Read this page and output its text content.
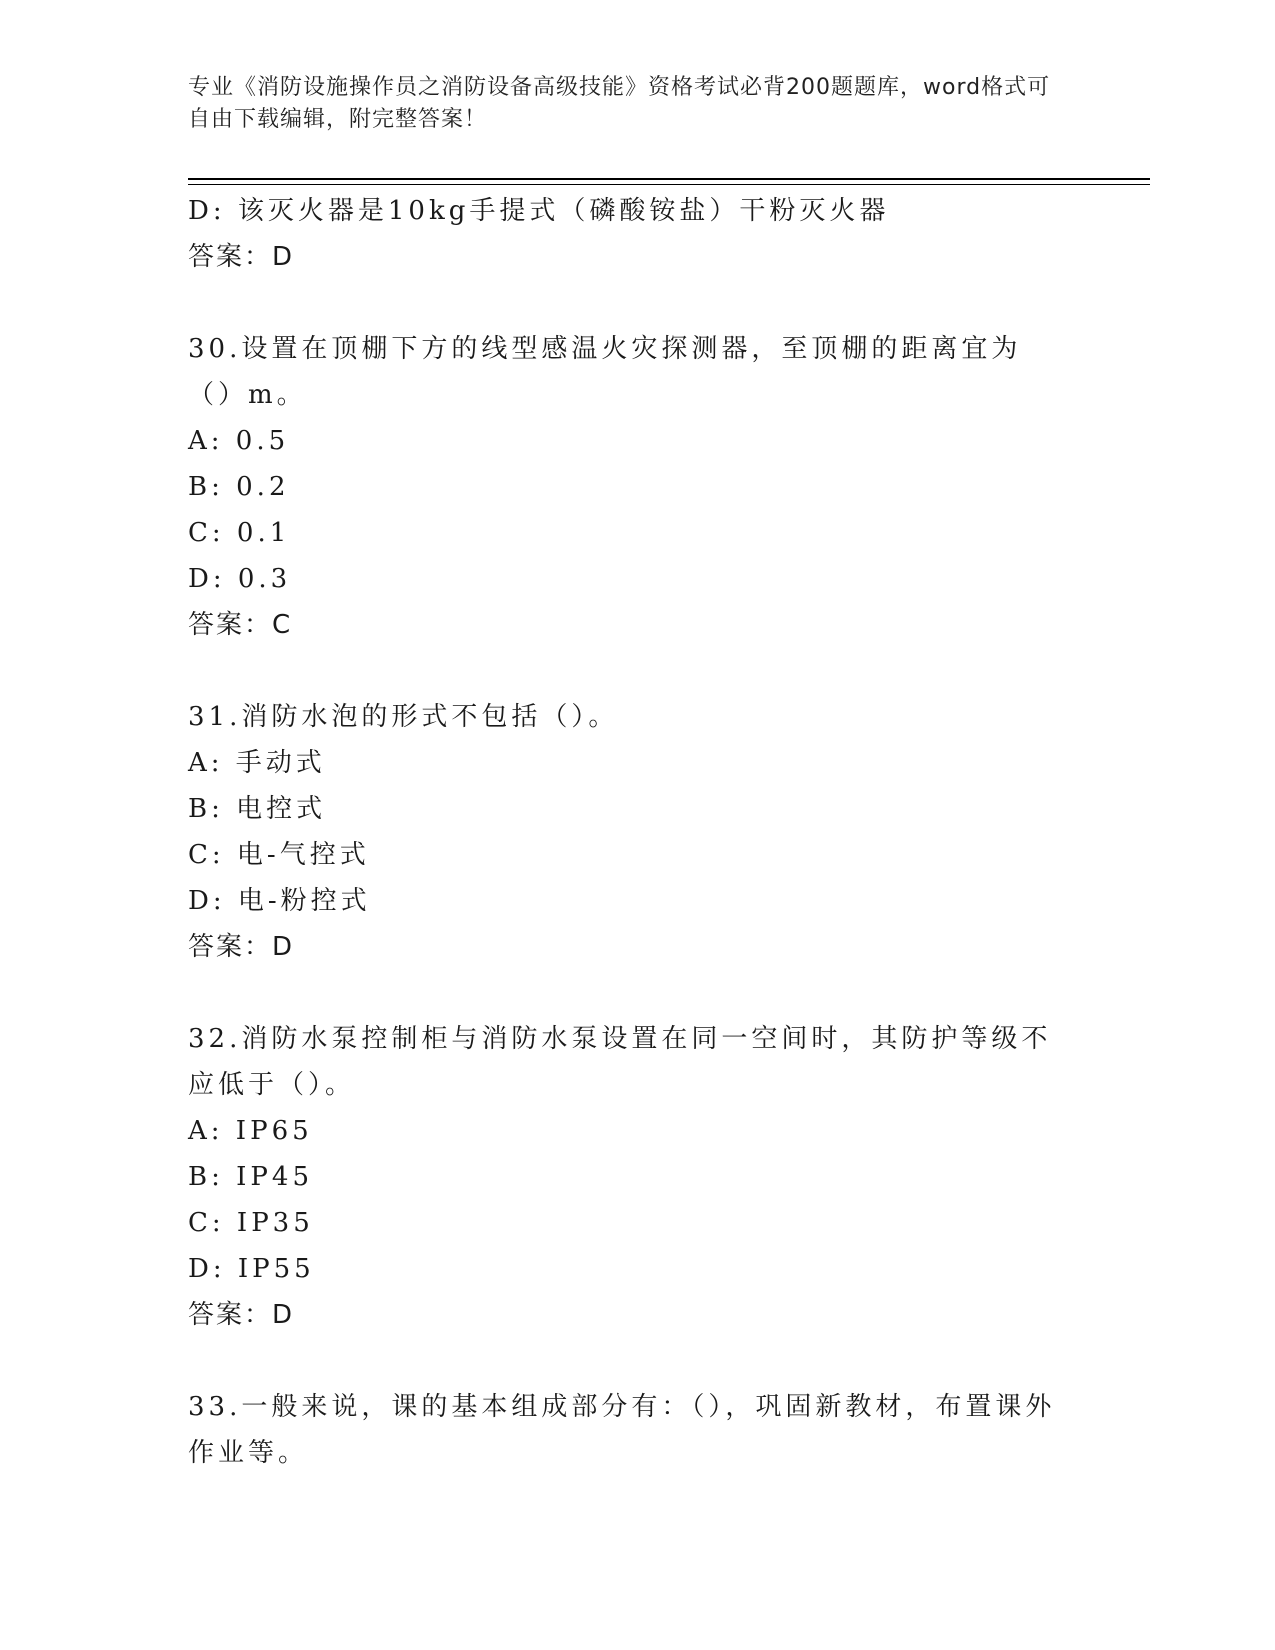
专业《消防设施操作员之消防设备高级技能》资格考试必背200题题库，word格式可自由下载编辑，附完整答案！
D: 该灭火器是10kg手提式（磷酸铵盐）干粉灭火器
答案：D
30.设置在顶棚下方的线型感温火灾探测器，至顶棚的距离宜为（）m。
A: 0.5
B: 0.2
C: 0.1
D: 0.3
答案：C
31.消防水泡的形式不包括（）。
A: 手动式
B: 电控式
C: 电-气控式
D: 电-粉控式
答案：D
32.消防水泵控制柜与消防水泵设置在同一空间时，其防护等级不应低于（）。
A: IP65
B: IP45
C: IP35
D: IP55
答案：D
33.一般来说，课的基本组成部分有：（），巩固新教材，布置课外作业等。
